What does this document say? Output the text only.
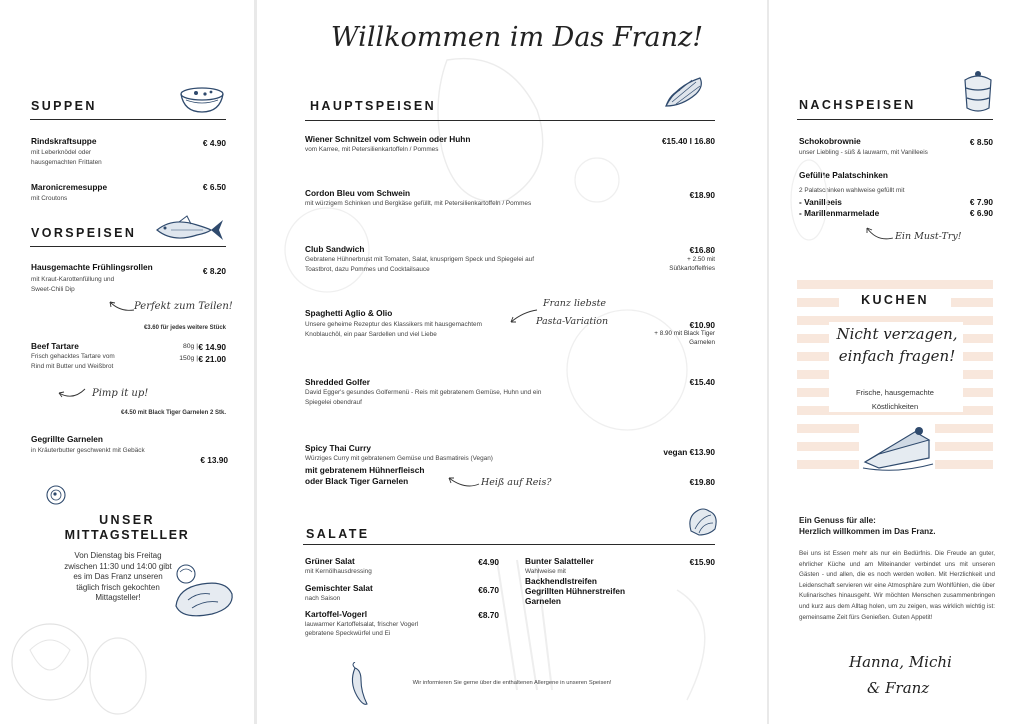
SUPPEN
Rindskraftsuppe	€ 4.90
mit Leberknödel oder hausgemachten Frittaten
Maronicremesuppe	€ 6.50
mit Croutons
VORSPEISEN
Hausgemachte Frühlingsrollen	€ 8.20
mit Kraut-Karottenfüllung und Sweet-Chili Dip
Perfekt zum Teilen!
€3.60 für jedes weitere Stück
Beef Tartare
Frisch gehacktes Tartare vom Rind mit Butter und Weißbrot
80g | € 14.90
150g | € 21.00
Pimp it up!
€4.50 mit Black Tiger Garnelen 2 Stk.
Gegrillte Garnelen
in Kräuterbutter geschwenkt mit Gebäck
€ 13.90
UNSER
MITTAGSTELLER
Von Dienstag bis Freitag zwischen 11:30 und 14:00 gibt es im Das Franz unseren täglich frisch gekochten Mittagsteller!
Willkommen im Das Franz!
HAUPTSPEISEN
Wiener Schnitzel vom Schwein oder Huhn
vom Karree, mit Petersilienkartoffeln / Pommes
€15.40 I 16.80
Cordon Bleu vom Schwein
mit würzigem Schinken und Bergkäse gefüllt, mit Petersilienkartoffeln / Pommes
€18.90
Club Sandwich
Gebratene Hühnerbrust mit Tomaten, Salat, knusprigem Speck und Spiegelei auf Toastbrot, dazu Pommes und Cocktailsauce
€16.80
+ 2.50 mit
Süßkartoffelfries
Spaghetti Aglio & Olio
Unsere geheime Rezeptur des Klassikers mit hausgemachtem Knoblauchöl, ein paar Sardellen und viel Liebe
Franz liebste
Pasta-Variation	€10.90
+ 8.90 mit Black Tiger
Garnelen
Shredded Golfer
David Egger's gesundes Golfermenü - Reis mit gebratenem Gemüse, Huhn und ein Spiegelei obendrauf
€15.40
Spicy Thai Curry
Würziges Curry mit gebratenem Gemüse und Basmatireis (Vegan)
mit gebratenem Hühnerfleisch
oder Black Tiger Garnelen
vegan €13.90
€19.80
Heiß auf Reis?
SALATE
Grüner Salat
mit Kernölhausdressing
€4.90
Gemischter Salat
nach Saison
€6.70
Kartoffel-Vogerl
lauwarmer Kartoffelsalat, frischer Vogerl
gebratene Speckwürfel und Ei
€8.70
Bunter Salatteller
Wahlweise mit
Backhendlstreifen
Gegrillten Hühnerstreifen
Garnelen
€15.90
Wir informieren Sie gerne über die enthaltenen Allergene in unseren Speisen!
NACHSPEISEN
Schokobrownie
unser Liebling - süß & lauwarm, mit Vanilleeis
€ 8.50
Gefüllte Palatschinken
2 Palatschinken wahlweise gefüllt mit
- Vanilleeis	€ 7.90
- Marillenmarmelade	€ 6.90
Ein Must-Try!
KUCHEN
Nicht verzagen,
einfach fragen!
Frische, hausgemachte
Köstlichkeiten
Ein Genuss für alle:
Herzlich willkommen im Das Franz.
Bei uns ist Essen mehr als nur ein Bedürfnis. Die Freude an guter, ehrlicher Küche und am Miteinander verbindet uns mit unseren Gästen - und allen, die es noch werden wollen. Mit Herzlichkeit und Leidenschaft servieren wir eine Atmosphäre zum Wohlfühlen, die über Kulinarisches hinausgeht. Wir möchten Menschen zusammenbringen und kurz aus dem Alltag holen, um zu zeigen, was wirklich wichtig ist: gemeinsame Zeit fürs Genießen. Guten Appetit!
Hanna, Michi
& Franz
